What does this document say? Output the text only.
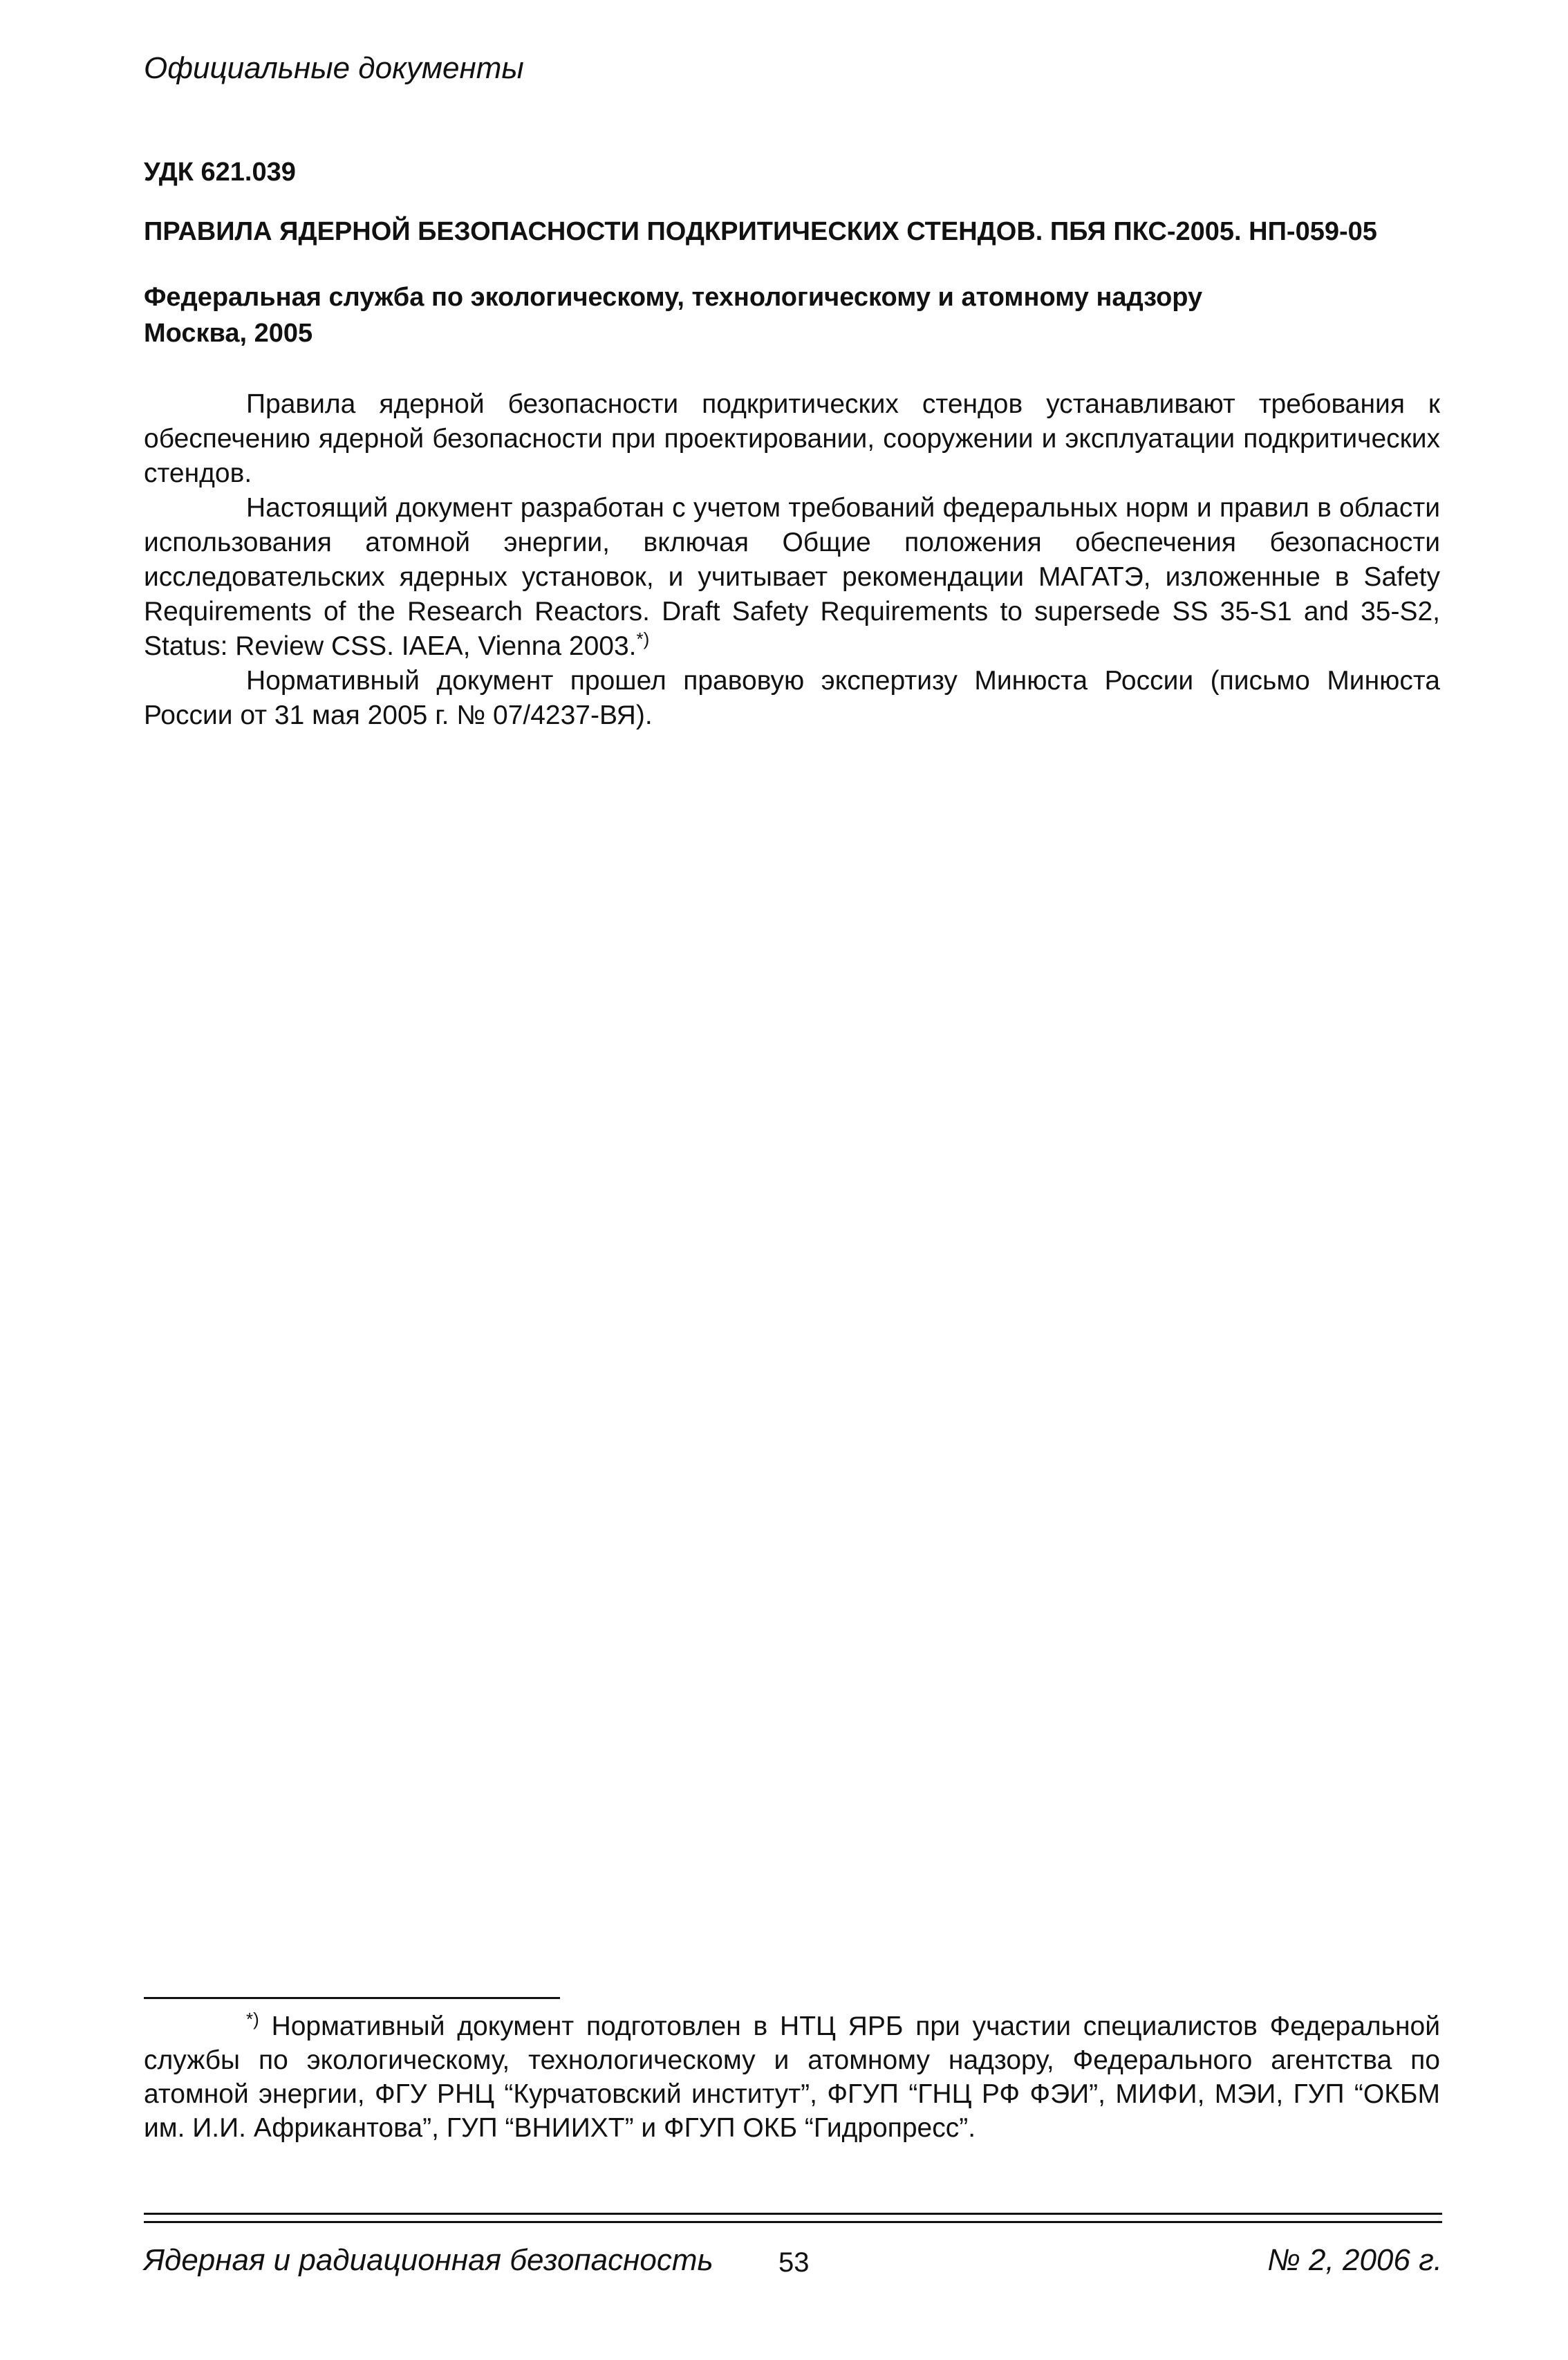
Официальные документы
УДК 621.039
ПРАВИЛА ЯДЕРНОЙ БЕЗОПАСНОСТИ ПОДКРИТИЧЕСКИХ СТЕНДОВ. ПБЯ ПКС-2005. НП-059-05
Федеральная служба по экологическому, технологическому и атомному надзору
Москва, 2005

Правила ядерной безопасности подкритических стендов устанавливают требования к обеспечению ядерной безопасности при проектировании, сооружении и эксплуатации подкритических стендов.

Настоящий документ разработан с учетом требований федеральных норм и правил в области использования атомной энергии, включая Общие положения обеспечения безопасности исследовательских ядерных установок, и учитывает рекомендации МАГАТЭ, изложенные в Safety Requirements of the Research Reactors. Draft Safety Requirements to supersede SS 35-S1 and 35-S2, Status: Review CSS. IAEA, Vienna 2003.*)

Нормативный документ прошел правовую экспертизу Минюста России (письмо Минюста России от 31 мая 2005 г. № 07/4237-ВЯ).

*) Нормативный документ подготовлен в НТЦ ЯРБ при участии специалистов Федеральной службы по экологическому, технологическому и атомному надзору, Федерального агентства по атомной энергии, ФГУ РНЦ “Курчатовский институт”, ФГУП “ГНЦ РФ ФЭИ”, МИФИ, МЭИ, ГУП “ОКБМ им. И.И. Африкантова”, ГУП “ВНИИХТ” и ФГУП ОКБ “Гидропресс”.
Ядерная и радиационная безопасность 53	№ 2, 2006 г.
